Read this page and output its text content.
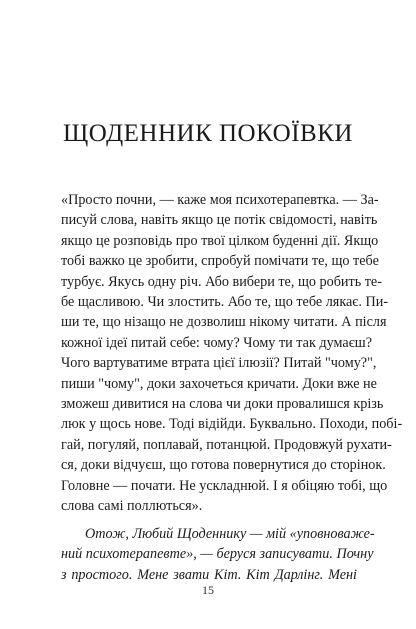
ЩОДЕННИК ПОКОЇВКИ

«Просто почни, — каже моя психотерапевтка. — За-
писуй слова, навіть якщо це потік свідомості, навіть
якщо це розповідь про твої цілком буденні дії. Якщо
тобі важко це зробити, спробуй помічати те, що тебе
турбує. Якусь одну річ. Або вибери те, що робить те-
бе щасливою. Чи злостить. Або те, що тебе лякає. Пи-
ши те, що нізащо не дозволиш нікому читати. А після
кожної ідеї питай себе: чому? Чому ти так думаєш?
Чого вартуватиме втрата цієї ілюзії? Питай "чому?",
пиши "чому", доки захочеться кричати. Доки вже не
зможеш дивитися на слова чи доки провалишся крізь
люк у щось нове. Тоді відійди. Буквально. Походи, побі-
гай, погуляй, поплавай, потанцюй. Продовжуй рухати-
ся, доки відчуєш, що готова повернутися до сторінок.
Головне — почати. Не ускладнюй. І я обіцяю тобі, що
слова самі поллються».

Отож, Любий Щоденнику — мій «уповноваже-
ний психотерапевте», — беруся записувати. Почну
з простого. Мене звати Кіт. Кіт Дарлінг. Мені

15
